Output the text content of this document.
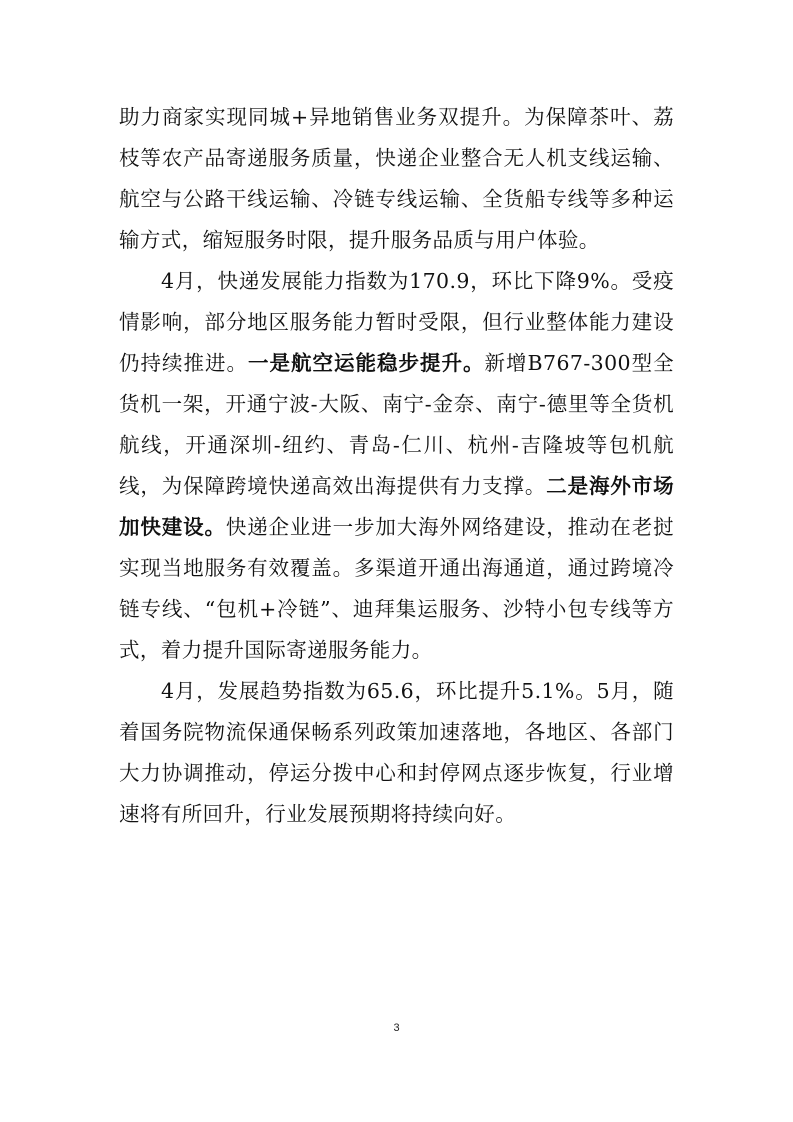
助力商家实现同城+异地销售业务双提升。为保障茶叶、荔枝等农产品寄递服务质量，快递企业整合无人机支线运输、航空与公路干线运输、冷链专线运输、全货船专线等多种运输方式，缩短服务时限，提升服务品质与用户体验。

4月，快递发展能力指数为170.9，环比下降9%。受疫情影响，部分地区服务能力暂时受限，但行业整体能力建设仍持续推进。一是航空运能稳步提升。新增B767-300型全货机一架，开通宁波-大阪、南宁-金奈、南宁-德里等全货机航线，开通深圳-纽约、青岛-仁川、杭州-吉隆坡等包机航线，为保障跨境快递高效出海提供有力支撑。二是海外市场加快建设。快递企业进一步加大海外网络建设，推动在老挝实现当地服务有效覆盖。多渠道开通出海通道，通过跨境冷链专线、“包机+冷链”、迪拜集运服务、沙特小包专线等方式，着力提升国际寄递服务能力。

4月，发展趋势指数为65.6，环比提升5.1%。5月，随着国务院物流保通保畅系列政策加速落地，各地区、各部门大力协调推动，停运分拨中心和封停网点逐步恢复，行业增速将有所回升，行业发展预期将持续向好。

3
